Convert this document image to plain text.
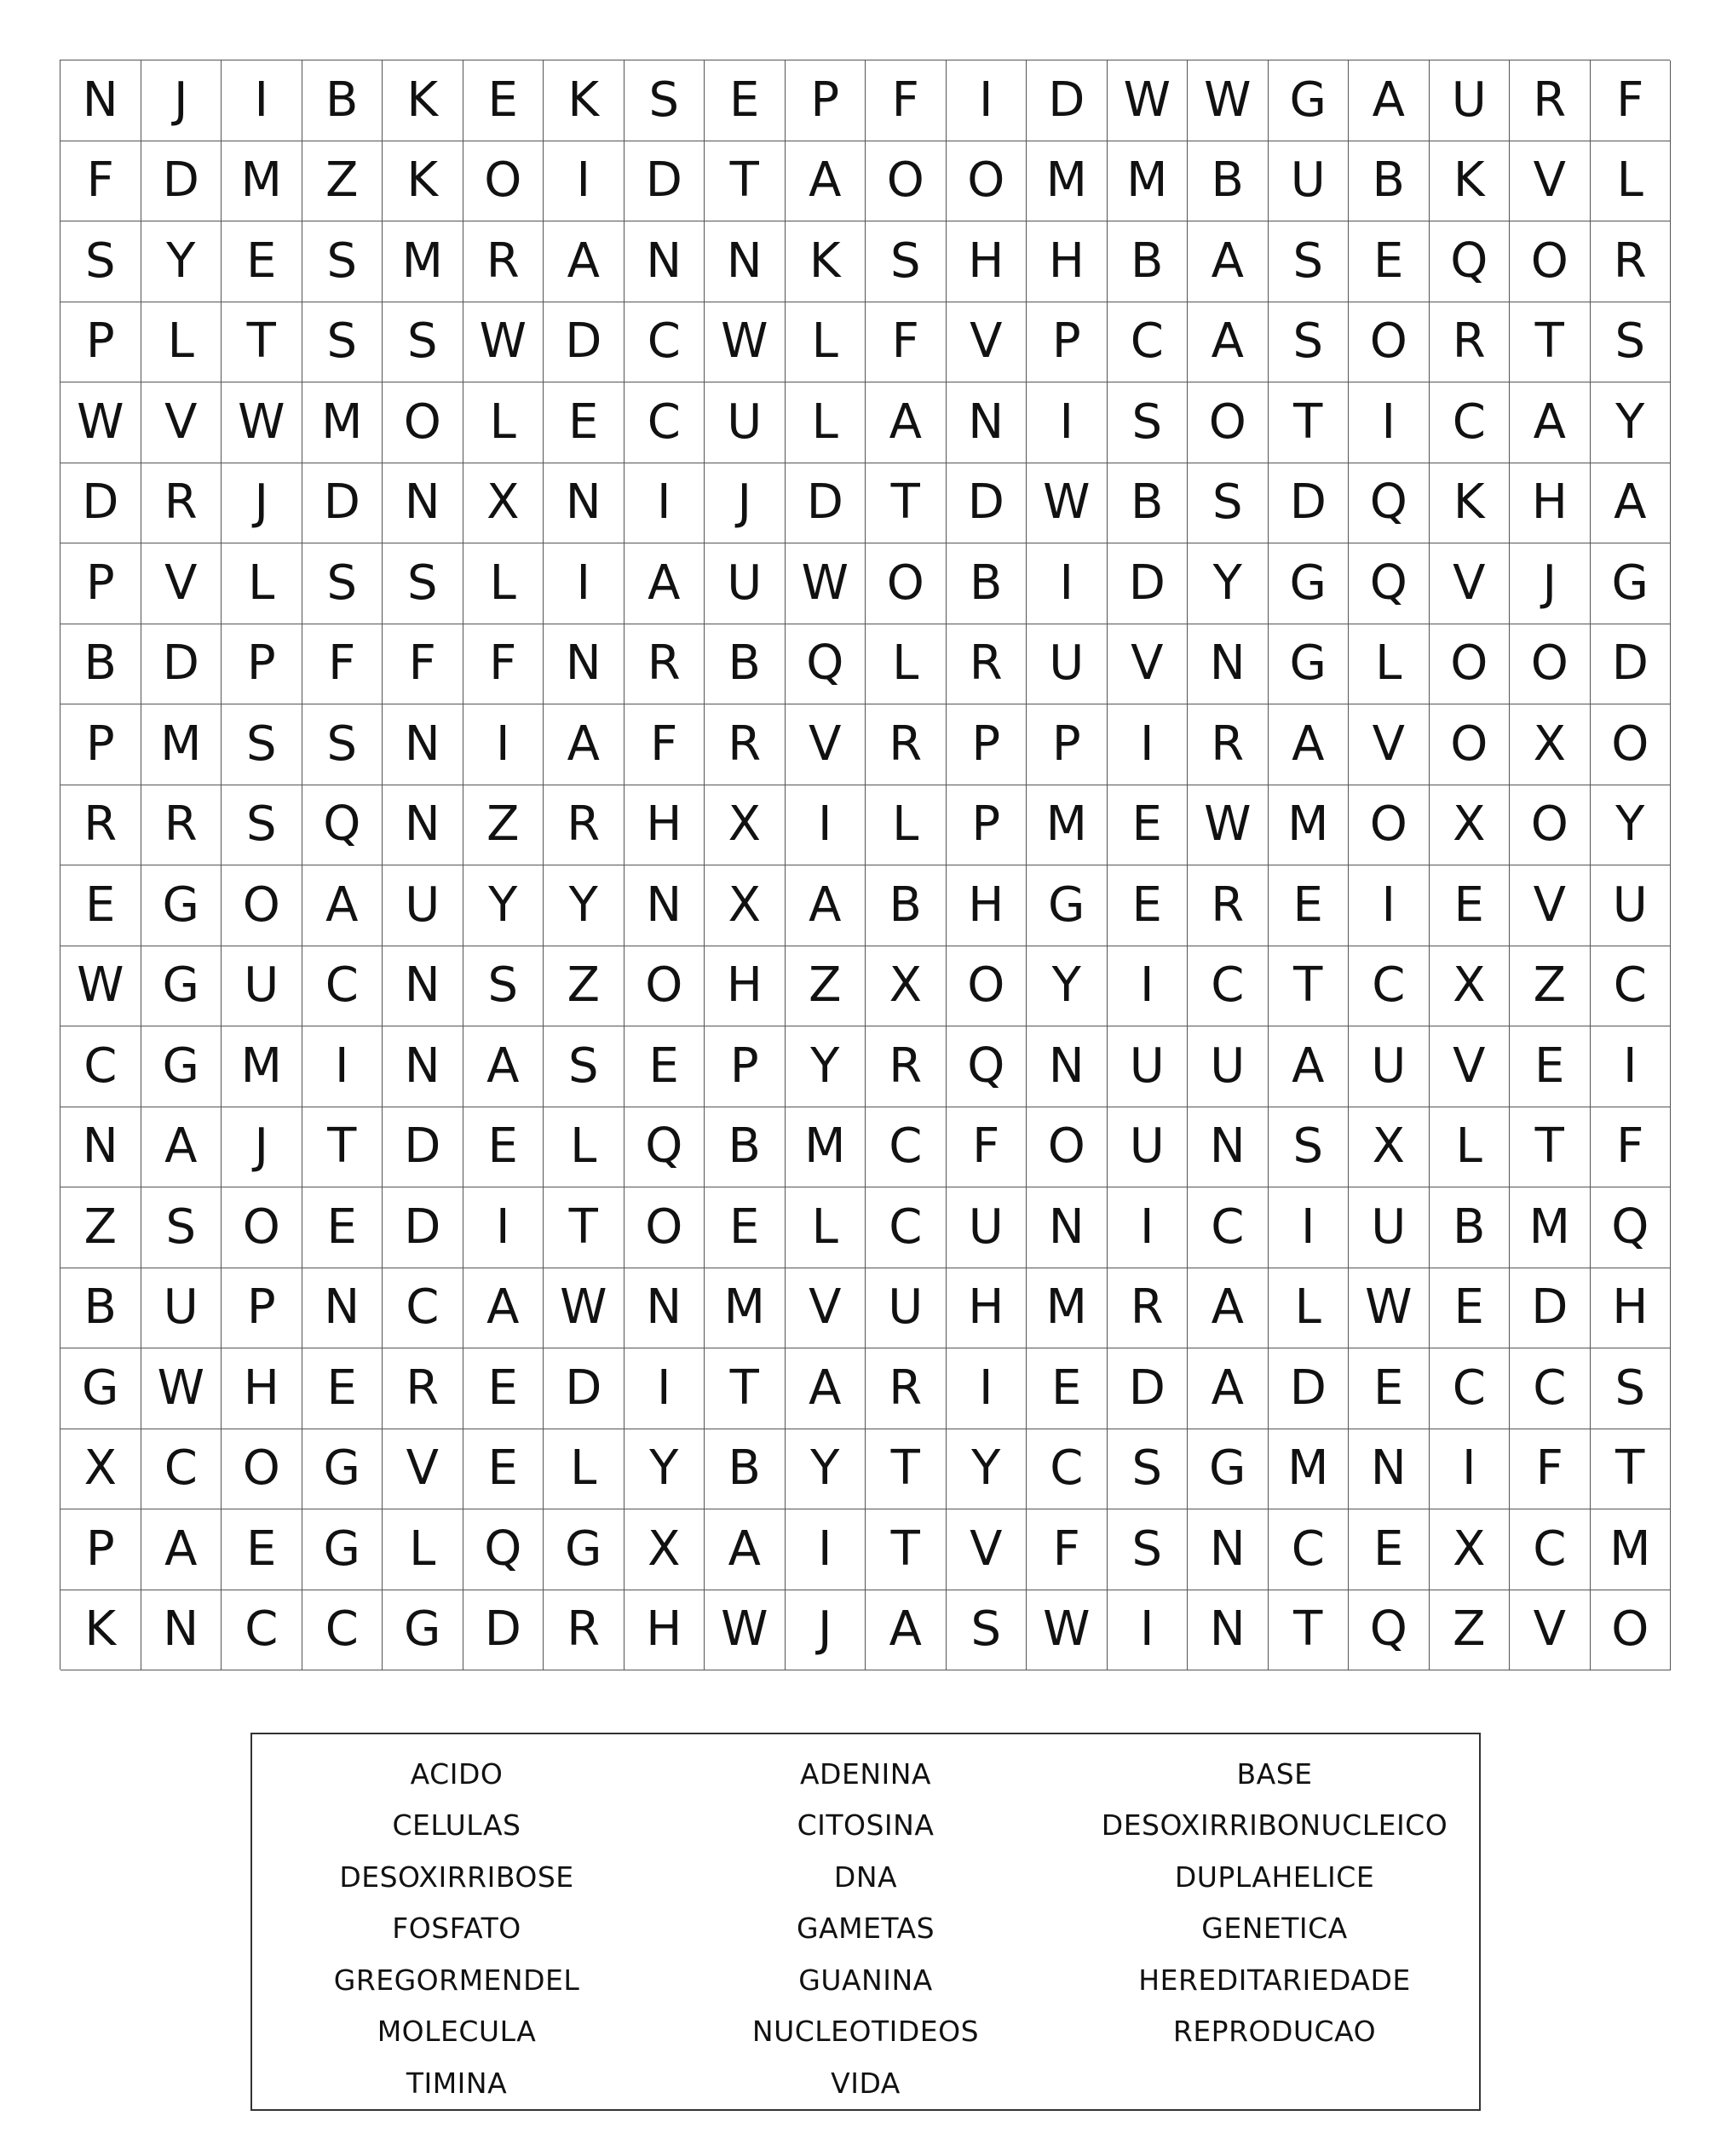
N	J	I	B	K	E	K	S	E	P	F	I	D W W G A U R	F
F	D M Z	K O	I	D T	A O O M M B U B	K	V	L
S	Y	E	S M R A N N K	S H H B	A	S	E Q O R
P	L	T	S	S W D C W L	F	V	P	C A	S O R	T	S
W V W M O	L	E	C U	L	A N	I	S O T	I	C A	Y
D R	J	D N X N	I	J	D T D W B	S D Q K H A
P	V	L	S	S	L	I	A U W O B	I	D Y G Q V	J	G
B D	P	F	F	F	N R B Q	L	R U V N G	L	O O D
P M S	S N	I	A	F	R V R	P	P	I	R A	V O X O
R R	S Q N Z R H X	I	L	P M E W M O X O Y
E G O A U	Y	Y	N X	A	B H G E	R	E	I	E	V U
W G U C N S	Z O H Z	X O Y	I	C	T	C X	Z C
C G M	I	N A	S	E	P	Y	R Q N U U A U V	E	I
N A	J	T D E	L	Q B M C	F	O U N S	X	L	T	F
Z	S O E D	I	T O E	L	C U N	I	C	I	U B M Q
B U	P	N C A W N M V U H M R A	L W E D H
G W H E	R	E D	I	T	A R	I	E D A D E	C C	S
X C O G V	E	L	Y	B	Y	T	Y	C	S G M N	I	F	T
P	A	E G	L	Q G X	A	I	T	V	F	S N C	E	X C M
K N C C G D R H W	J	A	S W	I	N	T Q Z	V O
ACIDO	ADENINA	BASE
CELULAS	CITOSINA	DESOXIRRIBONUCLEICO
DESOXIRRIBOSE	DNA	DUPLAHELICE
FOSFATO	GAMETAS	GENETICA
GREGORMENDEL	GUANINA	HEREDITARIEDADE
MOLECULA	NUCLEOTIDEOS	REPRODUCAO
TIMINA	VIDA
